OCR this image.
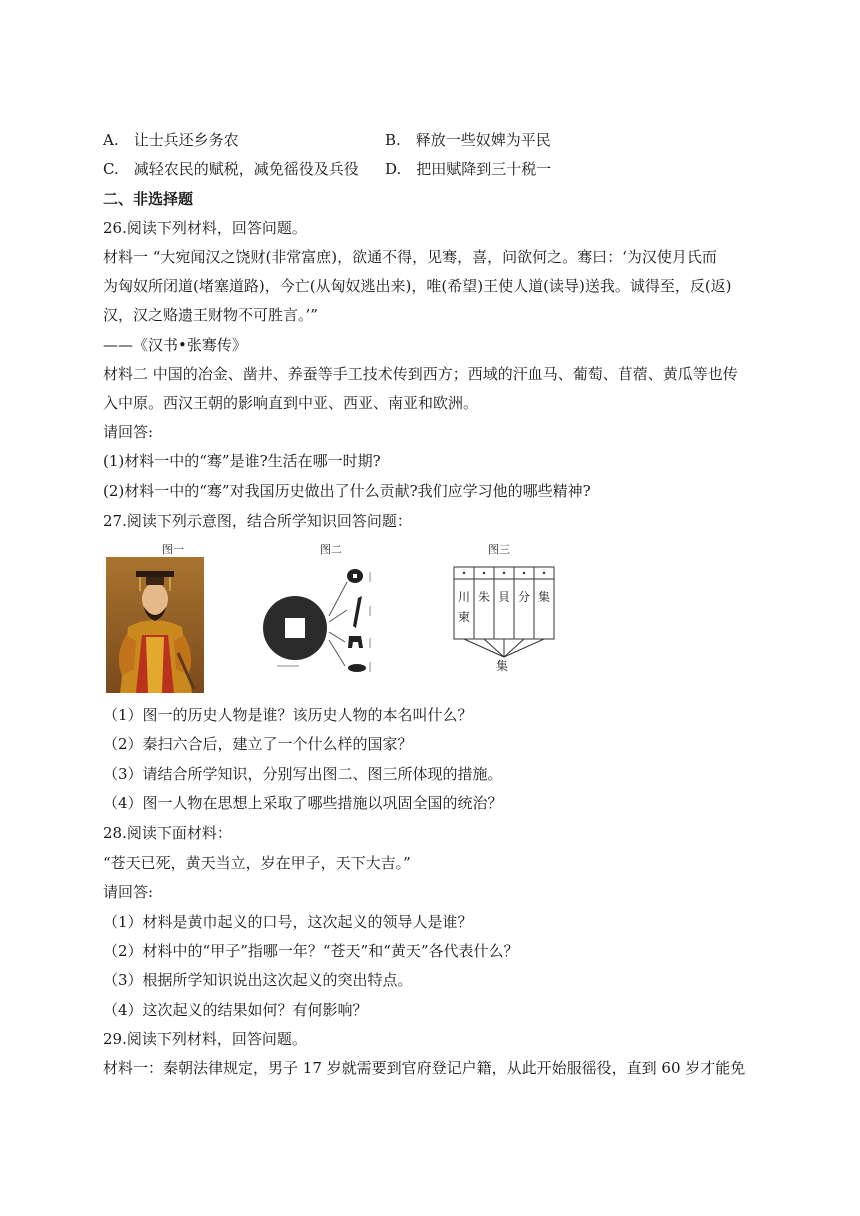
A.　让士兵还乡务农	B.　释放一些奴婢为平民
C.　减轻农民的赋税，减免徭役及兵役 D.　把田赋降到三十税一
二、非选择题
26.阅读下列材料，回答问题。
材料一 “大宛闻汉之饶财(非常富庶)，欲通不得，见骞，喜，问欲何之。骞曰：‘为汉使月氏而
为匈奴所闭道(堵塞道路)，今亡(从匈奴逃出来)，唯(希望)王使人道(读导)送我。诚得至，反(返)
汉，汉之赂遗王财物不可胜言。’”
——《汉书•张骞传》
材料二 中国的冶金、凿井、养蚕等手工技术传到西方；西域的汗血马、葡萄、苜蓿、黄瓜等也传
入中原。西汉王朝的影响直到中亚、西亚、南亚和欧洲。
请回答:
(1)材料一中的“骞”是谁?生活在哪一时期?
(2)材料一中的“骞”对我国历史做出了什么贡献?我们应学习他的哪些精神?
27.阅读下列示意图，结合所学知识回答问题：
图一	图二	图三
川 朱 貝 分 集
柬
集
（1）图一的历史人物是谁？该历史人物的本名叫什么？
（2）秦扫六合后，建立了一个什么样的国家？
（3）请结合所学知识，分别写出图二、图三所体现的措施。
（4）图一人物在思想上采取了哪些措施以巩固全国的统治？
28.阅读下面材料：
“苍天已死，黄天当立，岁在甲子，天下大吉。”
请回答:
（1）材料是黄巾起义的口号，这次起义的领导人是谁？
（2）材料中的“甲子”指哪一年？“苍天”和“黄天”各代表什么？
（3）根据所学知识说出这次起义的突出特点。
（4）这次起义的结果如何？有何影响？
29.阅读下列材料，回答问题。
材料一：秦朝法律规定，男子 17 岁就需要到官府登记户籍，从此开始服徭役，直到 60 岁才能免
